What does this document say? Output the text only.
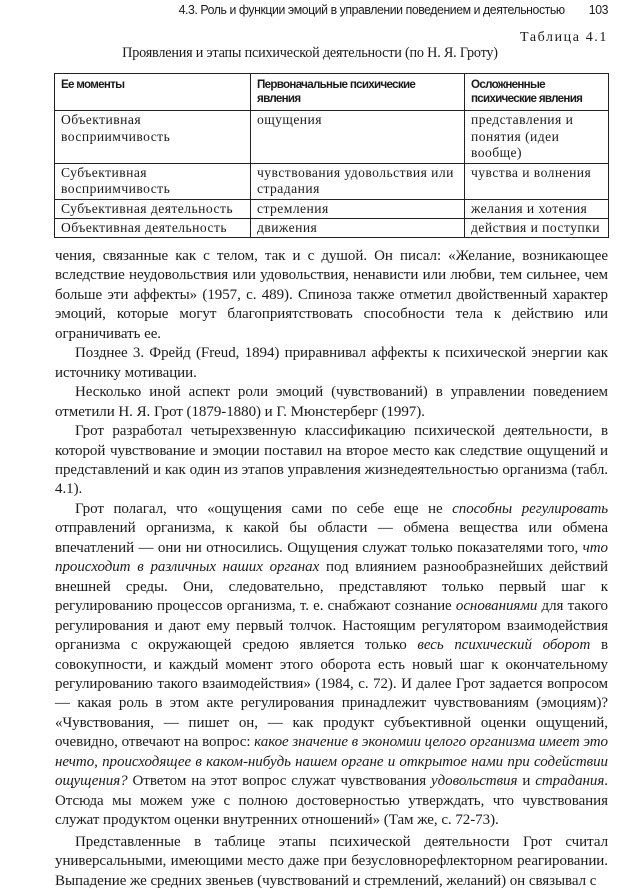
4.3. Роль и функции эмоций в управлении поведением и деятельностью 103
Таблица 4.1
Проявления и этапы психической деятельности (по Н. Я. Гроту)
Ее моменты	Первоначальные психические явления	Осложненные психические явления
Объективная восприимчивость	ощущения	представления и понятия (идеи вообще)
Субъективная восприимчивость	чувствования удовольствия или страдания	чувства и волнения
Субъективная деятельность	стремления	желания и хотения
Объективная деятельность	движения	действия и поступки

чения, связанные как с телом, так и с душой. Он писал: «Желание, возникающее вследствие неудовольствия или удовольствия, ненависти или любви, тем сильнее, чем больше эти аффекты» (1957, с. 489). Спиноза также отметил двойственный характер эмоций, которые могут благоприятствовать способности тела к действию или ограничивать ее.

Позднее 3. Фрейд (Freud, 1894) приравнивал аффекты к психической энергии как источнику мотивации.

Несколько иной аспект роли эмоций (чувствований) в управлении поведением отметили Н. Я. Грот (1879-1880) и Г. Мюнстерберг (1997).

Грот разработал четырехзвенную классификацию психической деятельности, в которой чувствование и эмоции поставил на второе место как следствие ощущений и представлений и как один из этапов управления жизнедеятельностью организма (табл. 4.1).

Грот полагал, что «ощущения сами по себе еще не способны регулировать отправлений организма, к какой бы области — обмена вещества или обмена впечатлений — они ни относились. Ощущения служат только показателями того, что происходит в различных наших органах под влиянием разнообразнейших действий внешней среды. Они, следовательно, представляют только первый шаг к регулированию процессов организма, т. е. снабжают сознание основаниями для такого регулирования и дают ему первый толчок. Настоящим регулятором взаимодействия организма с окружающей средою является только весь психический оборот в совокупности, и каждый момент этого оборота есть новый шаг к окончательному регулированию такого взаимодействия» (1984, с. 72). И далее Грот задается вопросом — какая роль в этом акте регулирования принадлежит чувствованиям (эмоциям)? «Чувствования, — пишет он, — как продукт субъективной оценки ощущений, очевидно, отвечают на вопрос: какое значение в экономии целого организма имеет это нечто, происходящее в каком-нибудь нашем органе и открытое нами при содействии ощущения? Ответом на этот вопрос служат чувствования удовольствия и страдания. Отсюда мы можем уже с полною достоверностью утверждать, что чувствования служат продуктом оценки внутренних отношений» (Там же, с. 72-73).

Представленные в таблице этапы психической деятельности Грот считал универсальными, имеющими место даже при безусловнорефлекторном реагировании. Выпадение же средних звеньев (чувствований и стремлений, желаний) он связывал с
